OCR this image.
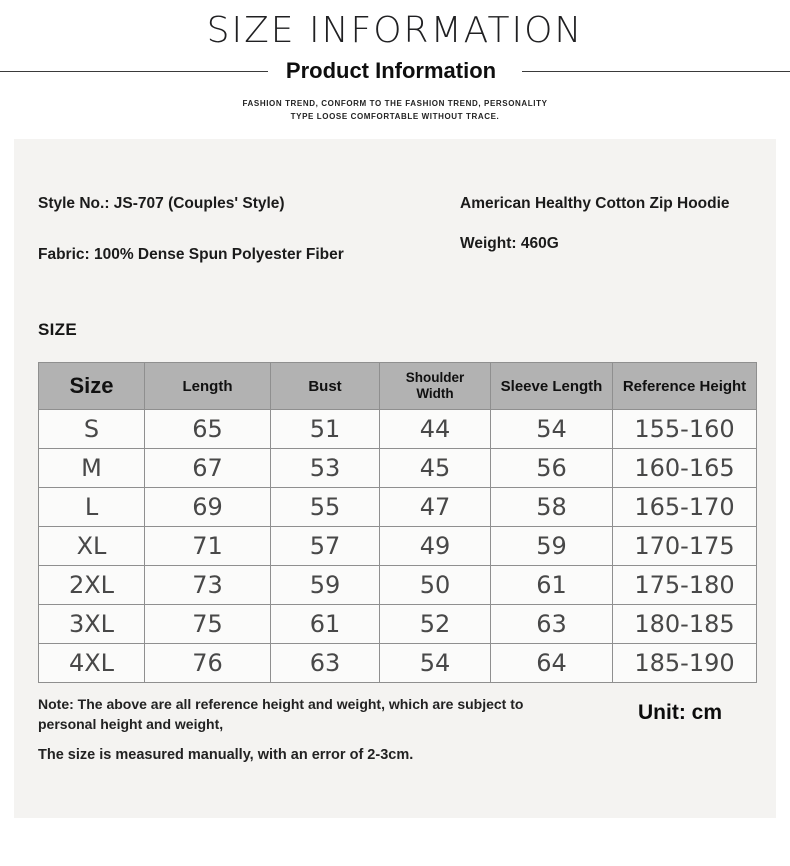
SIZE INFORMATION
Product Information
FASHION TREND, CONFORM TO THE FASHION TREND, PERSONALITY
TYPE LOOSE COMFORTABLE WITHOUT TRACE.

Style No.: JS-707 (Couples' Style)	American Healthy Cotton Zip Hoodie

Fabric: 100% Dense Spun Polyester Fiber

Weight: 460G

SIZE
Size	Length	Bust	Shoulder Width	Sleeve Length	Reference Height
S	65	51	44	54	155-160
M	67	53	45	56	160-165
L	69	55	47	58	165-170
XL	71	57	49	59	170-175
2XL	73	59	50	61	175-180
3XL	75	61	52	63	180-185
4XL	76	63	54	64	185-190

Note: The above are all reference height and weight, which are subject to personal height and weight,

The size is measured manually, with an error of 2-3cm.

Unit: cm
